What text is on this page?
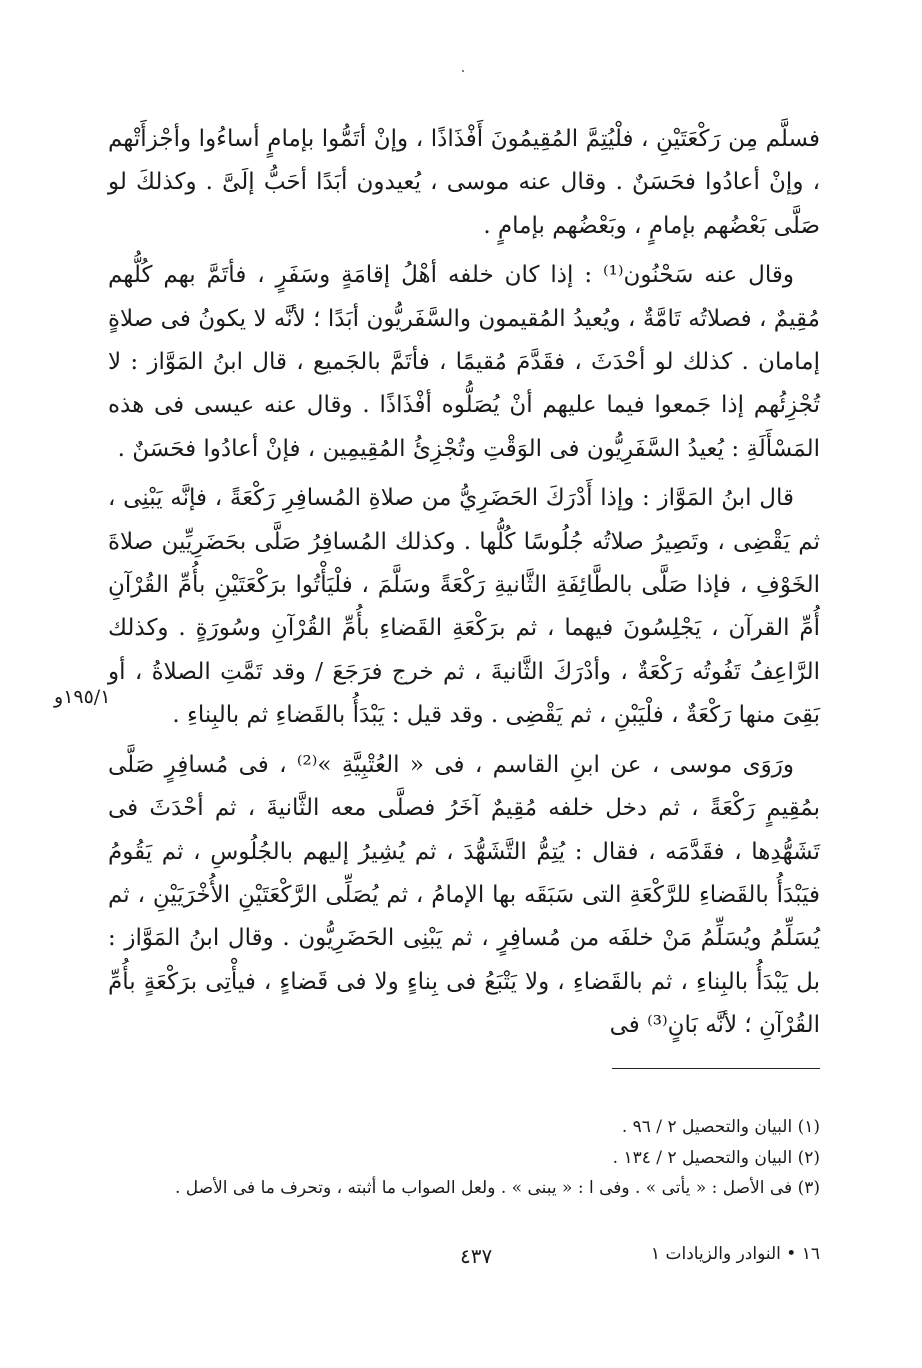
فسلَّم مِن رَكْعَتَيْنِ ، فلْيُتِمَّ المُقِيمُونَ أَفْذَاذًا ، وإنْ أتَمُّوا بإمامٍ أساءُوا وأجْزأَتْهم ، وإنْ أعادُوا فحَسَنٌ . وقال عنه موسى ، يُعيدون أبَدًا أحَبُّ إلَىَّ . وكذلكَ لو صَلَّى بَعْضُهم بإمامٍ ، وبَعْضُهم بإمامٍ .

وقال عنه سَحْنُون⁽¹⁾ : إذا كان خلفه أهْلُ إقامَةٍ وسَفَرٍ ، فأتَمَّ بهم كُلُّهم مُقِيمٌ ، فصلاتُه تَامَّةٌ ، ويُعيدُ المُقيمون والسَّفَريُّون أبَدًا ؛ لأنَّه لا يكونُ فى صلاةٍ إمامان . كذلك لو أحْدَثَ ، فقَدَّمَ مُقيمًا ، فأتَمَّ بالجَميع ، قال ابنُ المَوَّاز : لا تُجْزِئُهم إذا جَمعوا فيما عليهم أنْ يُصَلُّوه أفْذَاذًا . وقال عنه عيسى فى هذه المَسْأَلَةِ : يُعيدُ السَّفَرِيُّون فى الوَقْتِ وتُجْزِئُ المُقِيمِين ، فإنْ أعادُوا فحَسَنٌ .

قال ابنُ المَوَّاز : وإذا أَدْرَكَ الحَضَرِيُّ من صلاةِ المُسافِرِ رَكْعَةً ، فإنَّه يَبْنِى ، ثم يَقْضِى ، وتَصِيرُ صلاتُه جُلُوسًا كُلُّها . وكذلك المُسافِرُ صَلَّى بحَضَرِيِّين صلاةَ الخَوْفِ ، فإذا صَلَّى بالطَّائِفَةِ الثَّانيةِ رَكْعَةً وسَلَّمَ ، فلْيَأْتُوا برَكْعَتَيْنِ بأُمِّ القُرْآنِ أُمِّ القرآن ، يَجْلِسُونَ فيهما ، ثم برَكْعَةِ القَضاءِ بأُمِّ القُرْآنِ وسُورَةٍ . وكذلك الرَّاعِفُ تَفُوتُه رَكْعَةٌ ، وأدْرَكَ الثَّانيةَ ، ثم خرج فرَجَعَ / وقد تَمَّتِ الصلاةُ ، أو بَقِىَ منها رَكْعَةٌ ، فلْيَبْنِ ، ثم يَقْضِى . وقد قيل : يَبْدَأُ بالقَضاءِ ثم بالبِناءِ .

ورَوَى موسى ، عن ابنِ القاسم ، فى « العُتْبِيَّةِ »⁽²⁾ ، فى مُسافِرٍ صَلَّى بمُقِيمٍ رَكْعَةً ، ثم دخل خلفه مُقِيمٌ آخَرُ فصلَّى معه الثَّانيةَ ، ثم أحْدَثَ فى تَشَهُّدِها ، فقَدَّمَه ، فقال : يُتِمُّ التَّشَهُّدَ ، ثم يُشِيرُ إليهم بالجُلُوسِ ، ثم يَقُومُ فيَبْدَأُ بالقَضاءِ للرَّكْعَةِ التى سَبَقَه بها الإمامُ ، ثم يُصَلِّى الرَّكْعَتَيْنِ الأُخْرَيَيْنِ ، ثم يُسَلِّمُ ويُسَلِّمُ مَنْ خلفَه من مُسافِرٍ ، ثم يَبْنِى الحَضَرِيُّون . وقال ابنُ المَوَّاز : بل يَبْدَأُ بالبِناءِ ، ثم بالقَضاءِ ، ولا يَتْبَعُ فى بِناءٍ ولا فى قَضاءٍ ، فيأْتِى برَكْعَةٍ بأُمِّ القُرْآنِ ؛ لأنَّه بَانٍ⁽³⁾ فى

١٩٥/١و

(١) البيان والتحصيل ٢ / ٩٦ .

(٢) البيان والتحصيل ٢ / ١٣٤ .

(٣) فى الأصل : « يأتى » . وفى ا : « يبنى » . ولعل الصواب ما أثبته ، وتحرف ما فى الأصل .

٤٣٧	١٦ • النوادر والزيادات ١
